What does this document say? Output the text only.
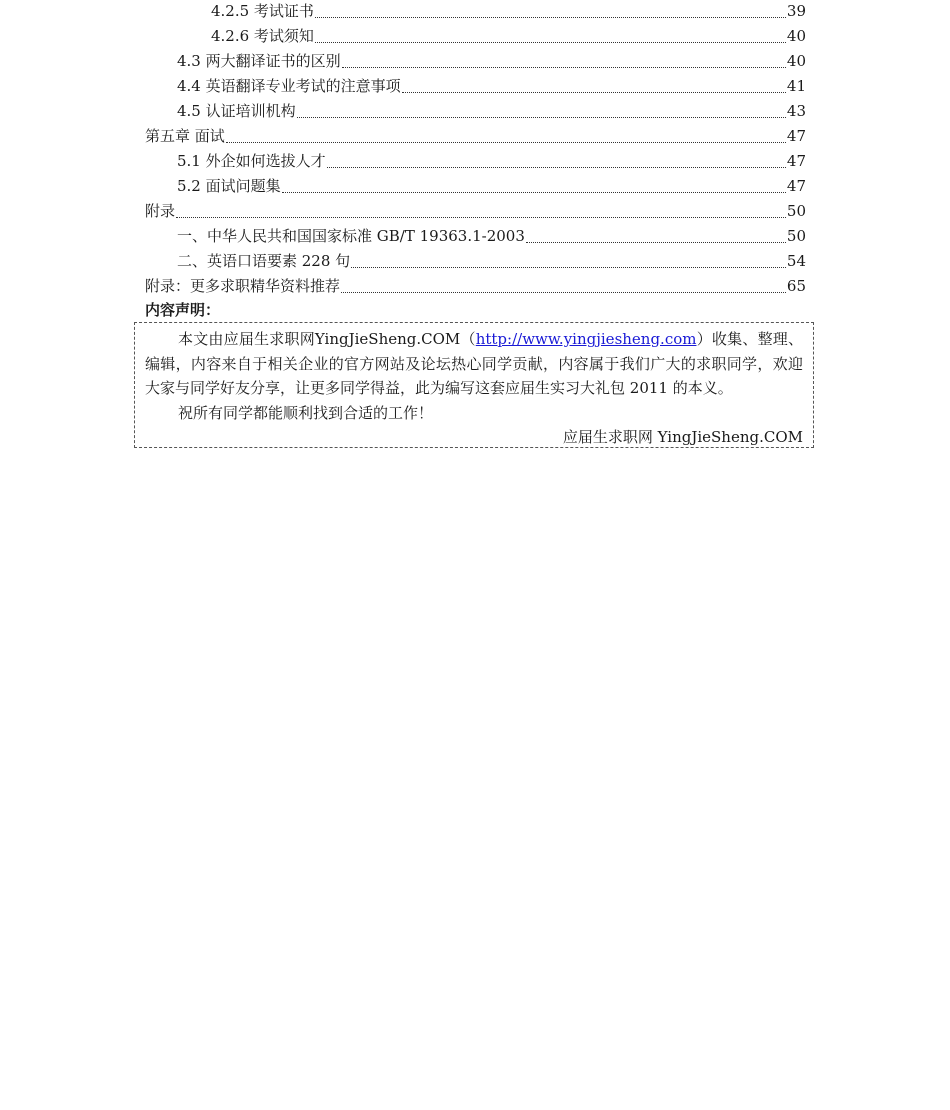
4.2.5 考试证书	39
4.2.6 考试须知	40
4.3 两大翻译证书的区别	40
4.4 英语翻译专业考试的注意事项	41
4.5 认证培训机构	43
第五章 面试	47
5.1 外企如何选拔人才	47
5.2 面试问题集	47
附录	50
一、中华人民共和国国家标准 GB/T 19363.1-2003	50
二、英语口语要素 228 句	54
附录：更多求职精华资料推荐	65
内容声明：

本文由应届生求职网YingJieSheng.COM（http://www.yingjiesheng.com）收集、整理、编辑，内容来自于相关企业的官方网站及论坛热心同学贡献，内容属于我们广大的求职同学，欢迎大家与同学好友分享，让更多同学得益，此为编写这套应届生实习大礼包 2011 的本义。

祝所有同学都能顺利找到合适的工作！

应届生求职网 YingJieSheng.COM
